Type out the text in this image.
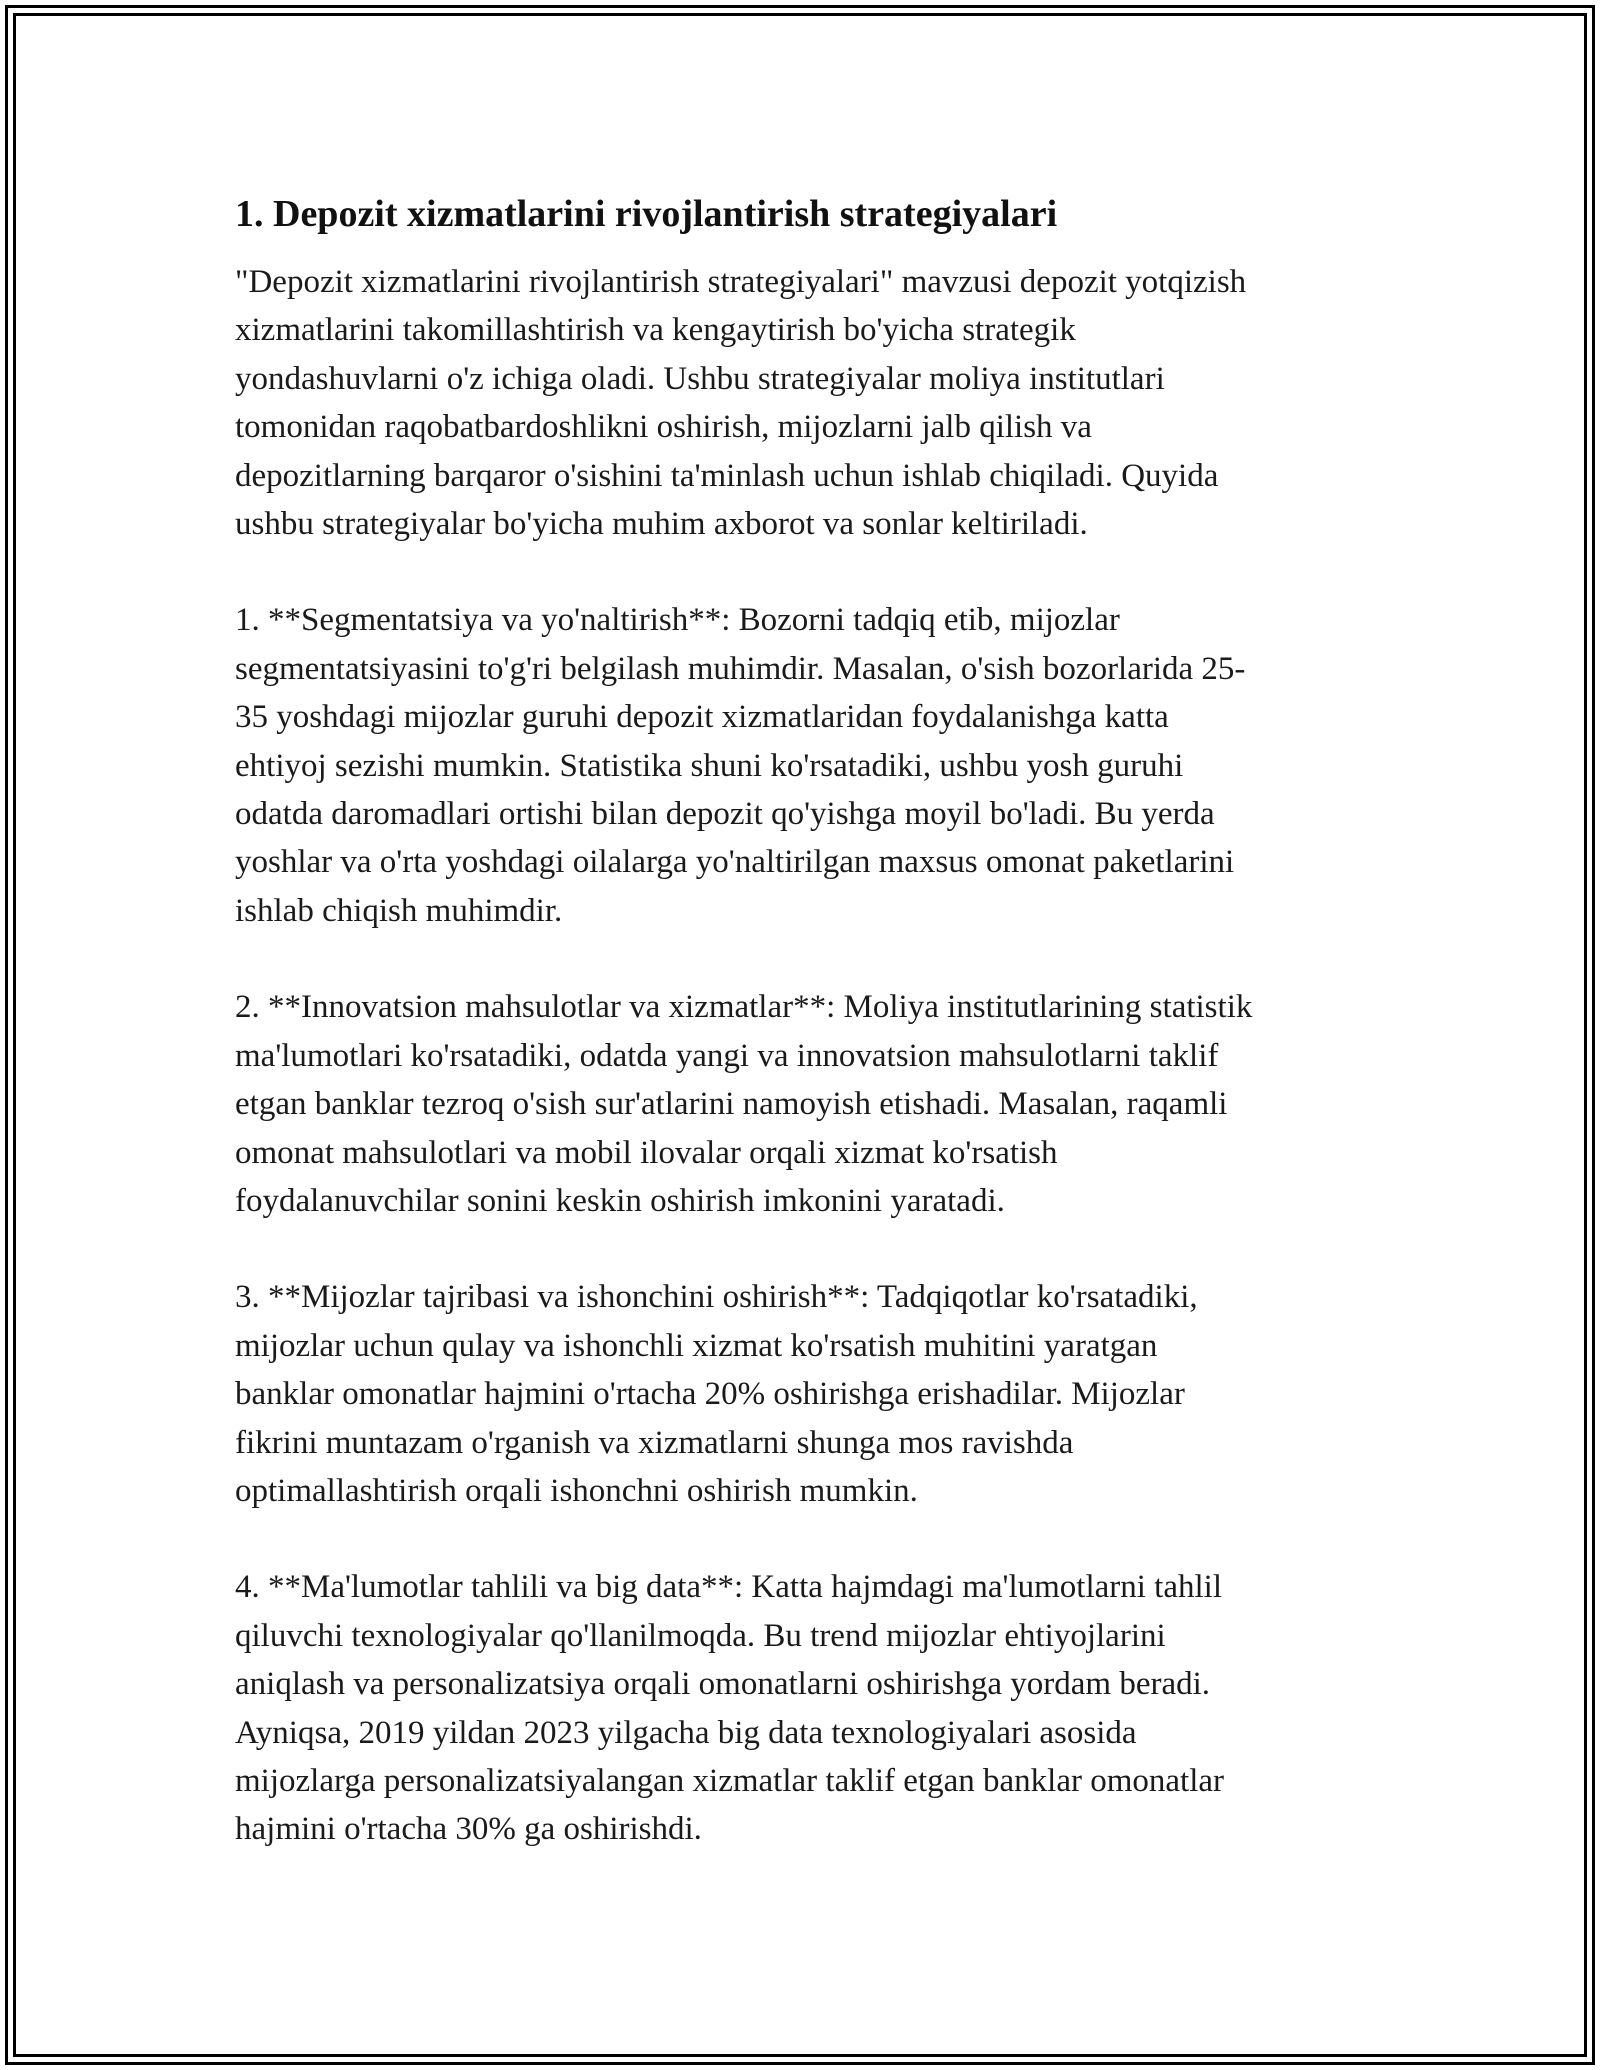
1. Depozit xizmatlarini rivojlantirish strategiyalari

"Depozit xizmatlarini rivojlantirish strategiyalari" mavzusi depozit yotqizish
xizmatlarini takomillashtirish va kengaytirish bo'yicha strategik
yondashuvlarni o'z ichiga oladi. Ushbu strategiyalar moliya institutlari
tomonidan raqobatbardoshlikni oshirish, mijozlarni jalb qilish va
depozitlarning barqaror o'sishini ta'minlash uchun ishlab chiqiladi. Quyida
ushbu strategiyalar bo'yicha muhim axborot va sonlar keltiriladi.

1. **Segmentatsiya va yo'naltirish**: Bozorni tadqiq etib, mijozlar
segmentatsiyasini to'g'ri belgilash muhimdir. Masalan, o'sish bozorlarida 25-
35 yoshdagi mijozlar guruhi depozit xizmatlaridan foydalanishga katta
ehtiyoj sezishi mumkin. Statistika shuni ko'rsatadiki, ushbu yosh guruhi
odatda daromadlari ortishi bilan depozit qo'yishga moyil bo'ladi. Bu yerda
yoshlar va o'rta yoshdagi oilalarga yo'naltirilgan maxsus omonat paketlarini
ishlab chiqish muhimdir.

2. **Innovatsion mahsulotlar va xizmatlar**: Moliya institutlarining statistik
ma'lumotlari ko'rsatadiki, odatda yangi va innovatsion mahsulotlarni taklif
etgan banklar tezroq o'sish sur'atlarini namoyish etishadi. Masalan, raqamli
omonat mahsulotlari va mobil ilovalar orqali xizmat ko'rsatish
foydalanuvchilar sonini keskin oshirish imkonini yaratadi.

3. **Mijozlar tajribasi va ishonchini oshirish**: Tadqiqotlar ko'rsatadiki,
mijozlar uchun qulay va ishonchli xizmat ko'rsatish muhitini yaratgan
banklar omonatlar hajmini o'rtacha 20% oshirishga erishadilar. Mijozlar
fikrini muntazam o'rganish va xizmatlarni shunga mos ravishda
optimallashtirish orqali ishonchni oshirish mumkin.

4. **Ma'lumotlar tahlili va big data**: Katta hajmdagi ma'lumotlarni tahlil
qiluvchi texnologiyalar qo'llanilmoqda. Bu trend mijozlar ehtiyojlarini
aniqlash va personalizatsiya orqali omonatlarni oshirishga yordam beradi.
Ayniqsa, 2019 yildan 2023 yilgacha big data texnologiyalari asosida
mijozlarga personalizatsiyalangan xizmatlar taklif etgan banklar omonatlar
hajmini o'rtacha 30% ga oshirishdi.
